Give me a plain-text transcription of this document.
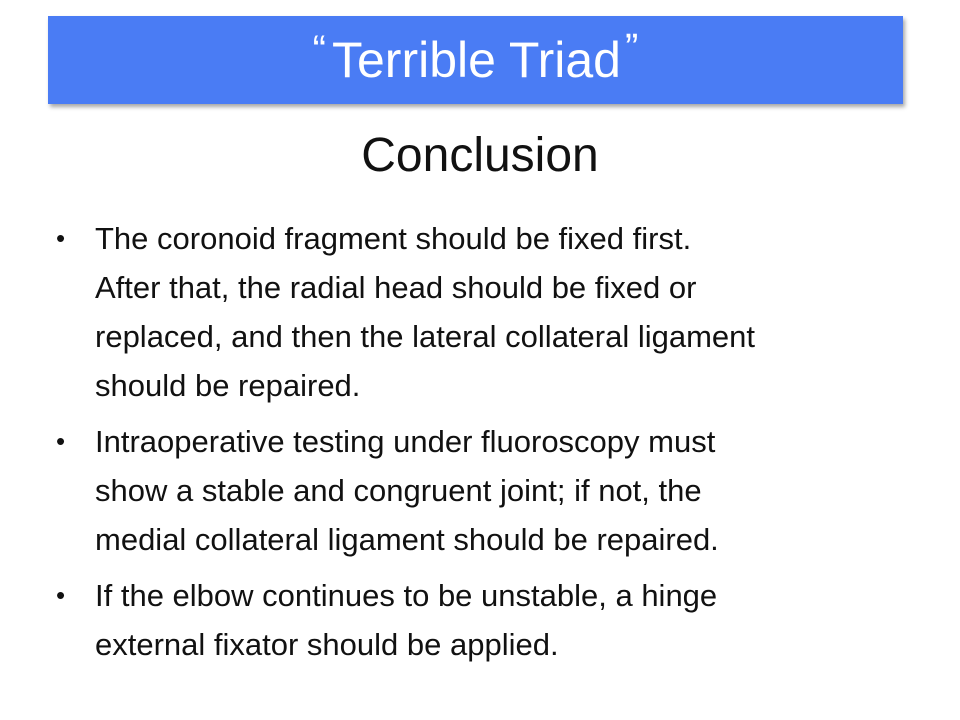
“ Terrible Triad ”
Conclusion
• The coronoid fragment should be fixed first.
After that, the radial head should be fixed or
replaced, and then the lateral collateral ligament
should be repaired.
• Intraoperative testing under fluoroscopy must
show a stable and congruent joint; if not, the
medial collateral ligament should be repaired.
• If the elbow continues to be unstable, a hinge
external fixator should be applied.
